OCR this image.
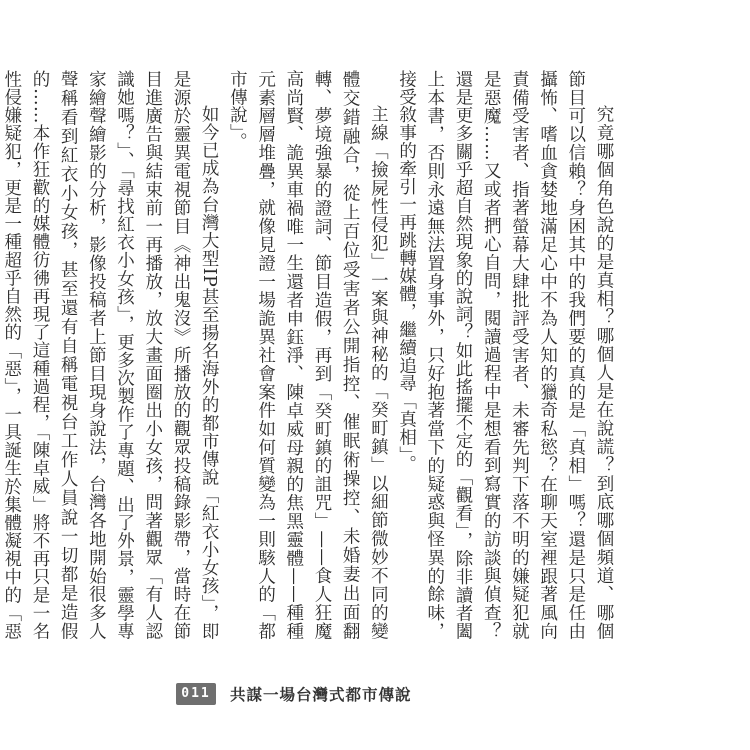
究竟哪個角色說的是真相？哪個人是在說謊？到底哪個頻道、哪個節目可以信賴？身困其中的我們要的真的是「真相」嗎？還是只是任由攝怖、嗜血貪婪地滿足心中不為人知的獵奇私慾？在聊天室裡跟著風向責備受害者、指著螢幕大肆批評受害者、未審先判下落不明的嫌疑犯就是惡魔……又或者捫心自問，閱讀過程中是想看到寫實的訪談與偵查？還是更多關乎超自然現象的說詞？如此搖擺不定的「觀看」，除非讀者闔上本書，否則永遠無法置身事外，只好抱著當下的疑惑與怪異的餘味，接受敘事的牽引一再跳轉媒體，繼續追尋「真相」。

主線「撿屍性侵犯」一案與神秘的「癸町鎮」以細節微妙不同的變體交錯融合，從上百位受害者公開指控、催眠術操控、未婚妻出面翻轉、夢境強暴的證詞、節目造假，再到「癸町鎮的詛咒」——食人狂魔高尚賢、詭異車禍唯一生還者申鈺淨、陳卓威母親的焦黑靈體——種種元素層層堆疊，就像見證一場詭異社會案件如何質變為一則駭人的「都市傳說」。

如今已成為台灣大型IP甚至揚名海外的都市傳說「紅衣小女孩」，即是源於靈異電視節目《神出鬼沒》所播放的觀眾投稿錄影帶，當時在節目進廣告與結束前一再播放，放大畫面圈出小女孩，問著觀眾「有人認識她嗎？」、「尋找紅衣小女孩」，更多次製作了專題、出了外景，靈學專家繪聲繪影的分析，影像投稿者上節目現身說法，台灣各地開始很多人聲稱看到紅衣小女孩，甚至還有自稱電視台工作人員說一切都是造假的……本作狂歡的媒體彷彿再現了這種過程，「陳卓威」將不再只是一名性侵嫌疑犯，更是一種超乎自然的「惡」，一具誕生於集體凝視中的「惡

011	共謀一場台灣式都市傳說
